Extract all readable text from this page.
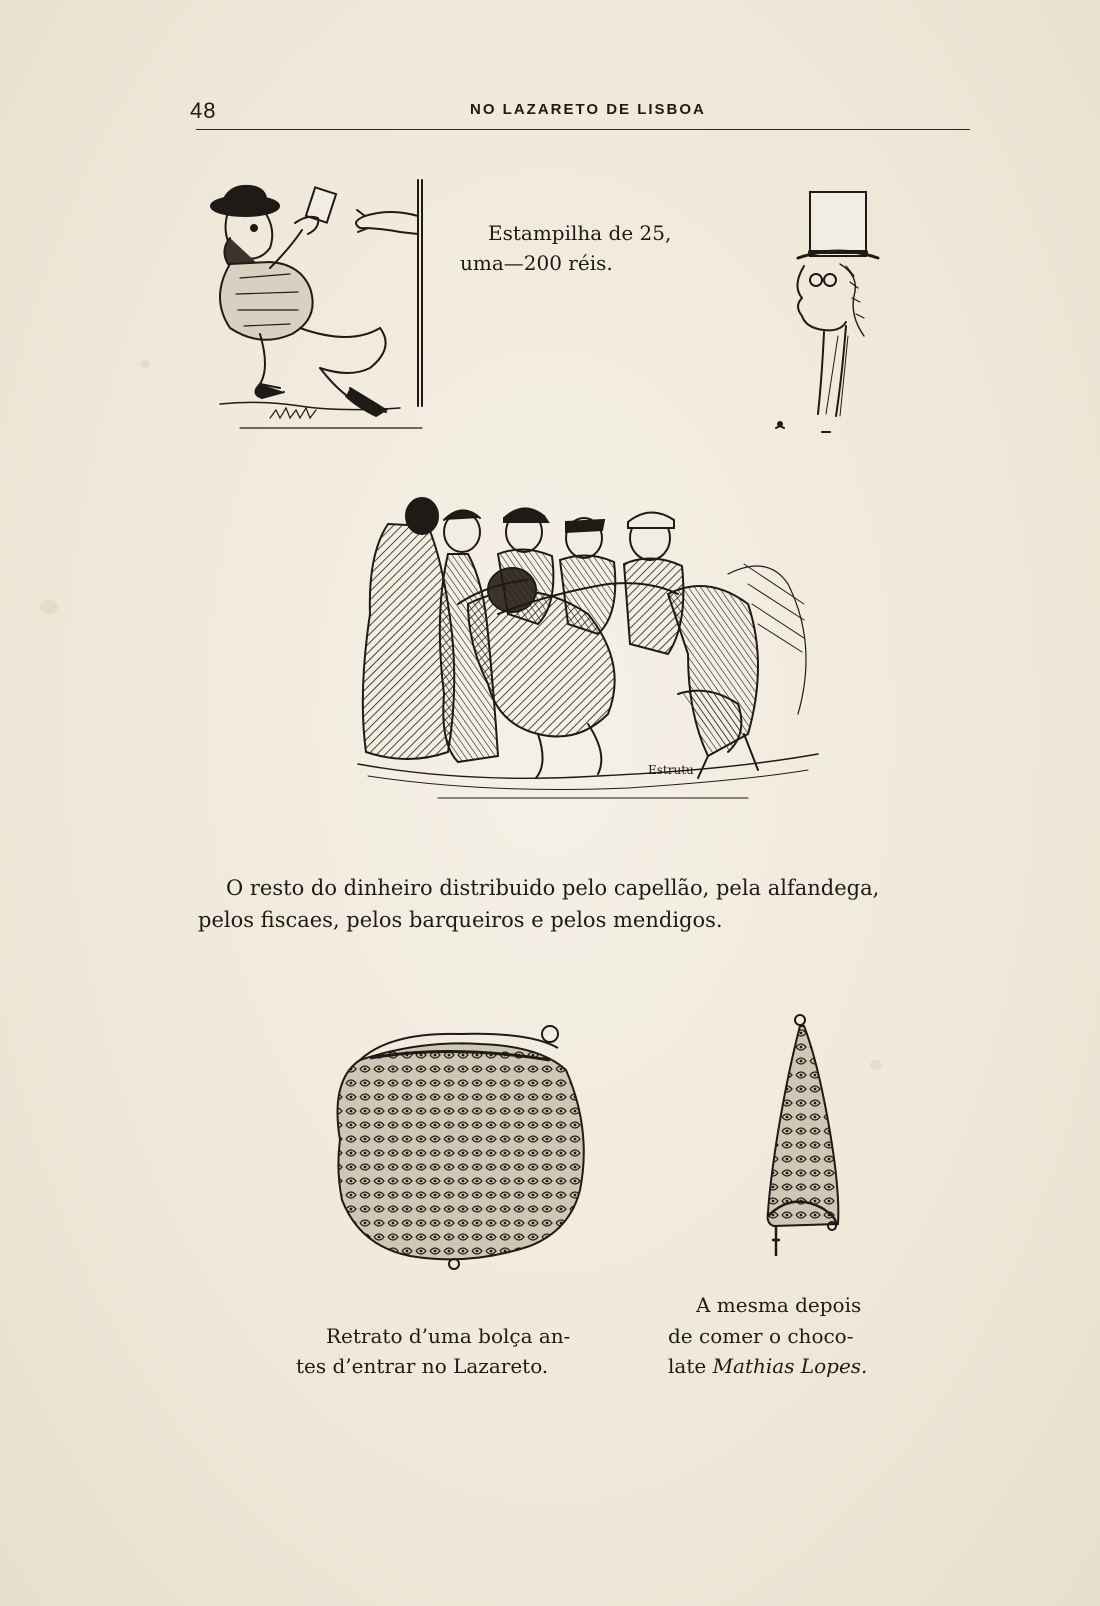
48	NO LAZARETO DE LISBOA
Estampilha de 25,
uma—200 réis.
Estrutu
O resto do dinheiro distribuido pelo capellão, pela alfandega,
pelos fiscaes, pelos barqueiros e pelos mendigos.
A mesma depois
Retrato d’uma bolça an-	de comer o choco-
tes d’entrar no Lazareto.	late Mathias Lopes.
